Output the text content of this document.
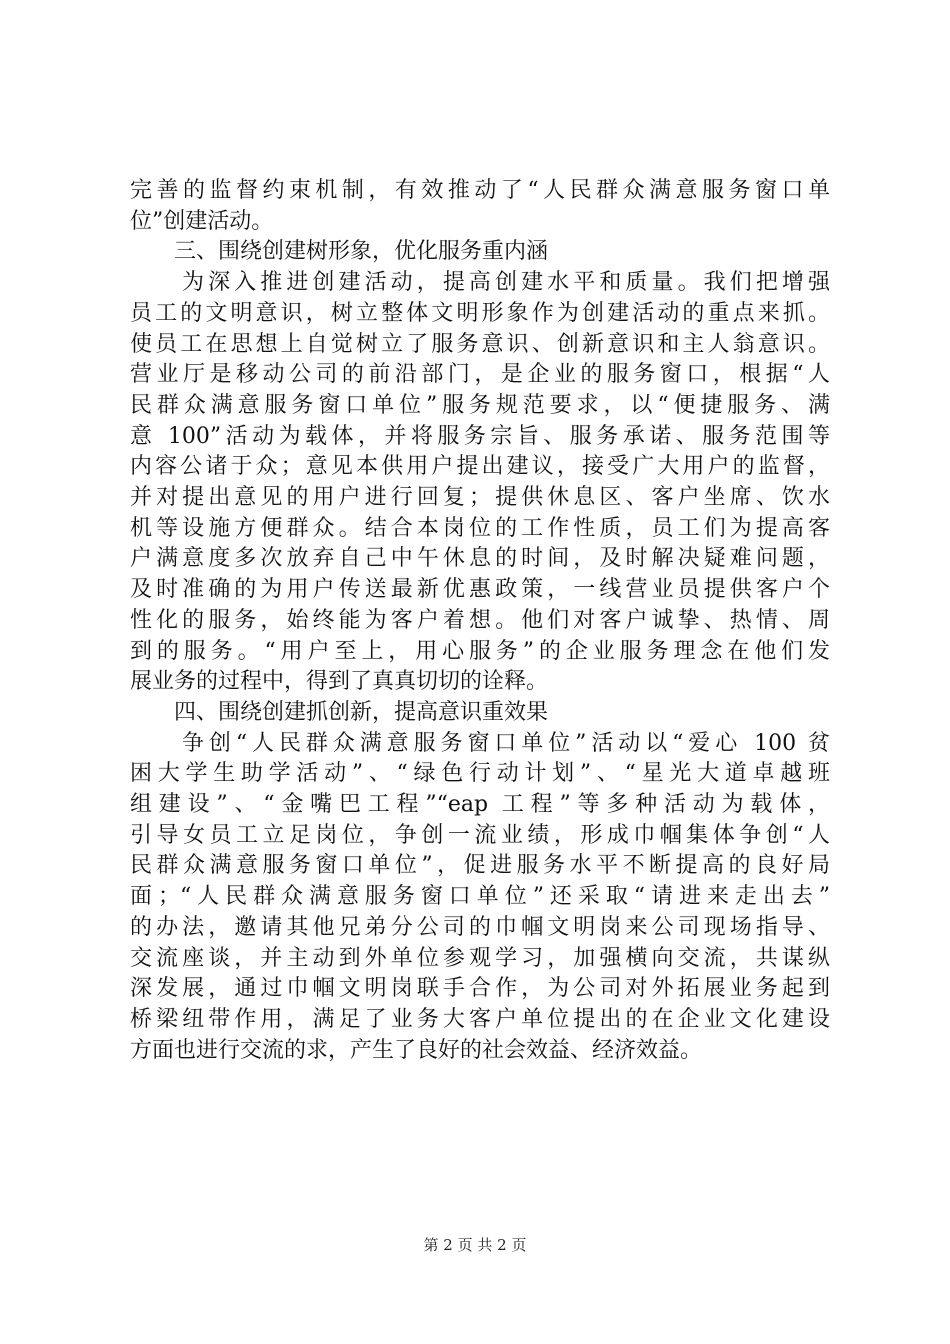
完善的监督约束机制，有效推动了“人民群众满意服务窗口单
位”创建活动。
三、围绕创建树形象，优化服务重内涵
为深入推进创建活动，提高创建水平和质量。我们把增强
员工的文明意识，树立整体文明形象作为创建活动的重点来抓。
使员工在思想上自觉树立了服务意识、创新意识和主人翁意识。
营业厅是移动公司的前沿部门，是企业的服务窗口，根据“人
民群众满意服务窗口单位”服务规范要求，以“便捷服务、满
意 100”活动为载体，并将服务宗旨、服务承诺、服务范围等
内容公诸于众；意见本供用户提出建议，接受广大用户的监督，
并对提出意见的用户进行回复；提供休息区、客户坐席、饮水
机等设施方便群众。结合本岗位的工作性质，员工们为提高客
户满意度多次放弃自己中午休息的时间，及时解决疑难问题，
及时准确的为用户传送最新优惠政策，一线营业员提供客户个
性化的服务，始终能为客户着想。他们对客户诚挚、热情、周
到的服务。“用户至上，用心服务”的企业服务理念在他们发
展业务的过程中，得到了真真切切的诠释。
四、围绕创建抓创新，提高意识重效果
争创“人民群众满意服务窗口单位”活动以“爱心 100 贫
困大学生助学活动”、“绿色行动计划”、“星光大道卓越班
组建设”、“金嘴巴工程”“eap 工程”等多种活动为载体，
引导女员工立足岗位，争创一流业绩，形成巾帼集体争创“人
民群众满意服务窗口单位”，促进服务水平不断提高的良好局
面；“人民群众满意服务窗口单位”还采取“请进来走出去”
的办法，邀请其他兄弟分公司的巾帼文明岗来公司现场指导、
交流座谈，并主动到外单位参观学习，加强横向交流，共谋纵
深发展，通过巾帼文明岗联手合作，为公司对外拓展业务起到
桥梁纽带作用，满足了业务大客户单位提出的在企业文化建设
方面也进行交流的求，产生了良好的社会效益、经济效益。
第 2 页 共 2 页
